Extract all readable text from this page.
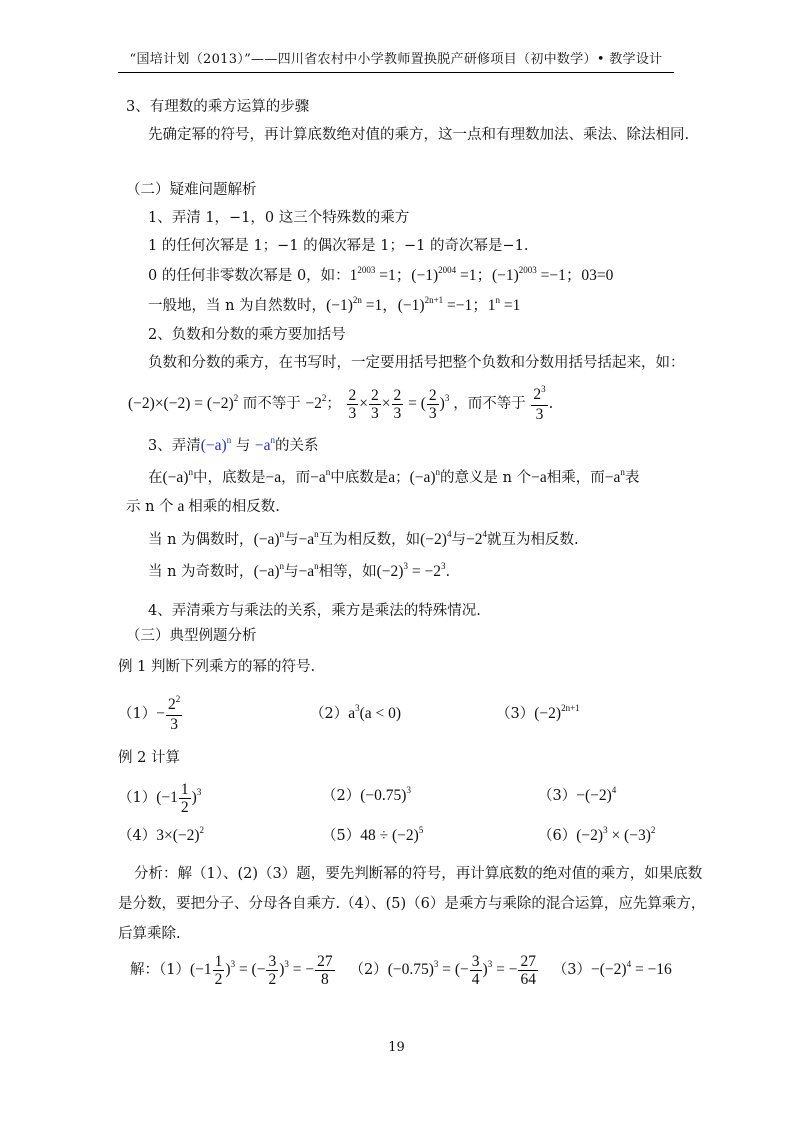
“国培计划（2013）”——四川省农村中小学教师置换脱产研修项目（初中数学）• 教学设计
3、有理数的乘方运算的步骤
先确定幂的符号，再计算底数绝对值的乘方，这一点和有理数加法、乘法、除法相同.
（二）疑难问题解析
1、弄清 1，−1，0 这三个特殊数的乘方
1 的任何次幂是 1；−1 的偶次幂是 1；−1 的奇次幂是−1.
0 的任何非零数次幂是 0，如：$1^{2003} =1$；$(-1)^{2004} =1$；$(-1)^{2003} =-1$；03=0
一般地，当 n 为自然数时，$(-1)^{2n} =1$，$(-1)^{2n+1} =-1$；$1^n =1$
2、负数和分数的乘方要加括号
负数和分数的乘方，在书写时，一定要用括号把整个负数和分数用括号括起来，如：
$(-2)\times(-2) = (-2)^2$ 而不等于 $-2^2$； $\frac{2}{3} \times \frac{2}{3} \times \frac{2}{3}$ = ( $\frac{2}{3} )^3$ ，而不等于 $\frac{2^3}{3}$ .
3、弄清$(-a)^n$ 与 $-a^n$的关系
在$(-a)^n$中，底数是−a，而$-a^n$中底数是a；$(-a)^n$的意义是 n 个−a相乘，而$-a^n$表
示 n 个 a 相乘的相反数.
当 n 为偶数时，$(-a)^n$与$-a^n$互为相反数，如$(-2)^4$与$-2^4$就互为相反数.
当 n 为奇数时，$(-a)^n$与$-a^n$相等，如$(-2)^3 = -2^3$.
4、弄清乘方与乘法的关系，乘方是乘法的特殊情况.
（三）典型例题分析
例 1 判断下列乘方的幂的符号.
$(1)- \frac{2^2}{3}$	$(2)a^3(a < 0)$	$(3)(-2)^{2n+1}$
例 2 计算
$(1)(-1 \frac{1}{2} )^3$	$(2)(-0.75)^3$	$(3)-(-2)^4$
$(4)3\times(-2)^2$	$(5)48 \div (-2)^5$	$(6)(-2)^3 \times (-3)^2$
分析：解（1）、(2)（3）题，要先判断幂的符号，再计算底数的绝对值的乘方，如果底数
是分数，要把分子、分母各自乘方.（4）、(5)（6）是乘方与乘除的混合运算，应先算乘方，
后算乘除.
解：$(1)(-1 \frac{1}{2} )^3$ = (− $\frac{3}{2} )^3$ = − $\frac{27}{8} (2)(-0.75)^3$ = (− $\frac{3}{4} )^3$ = − $\frac{27}{64} (3)-(-2)^4 = -16$
19
